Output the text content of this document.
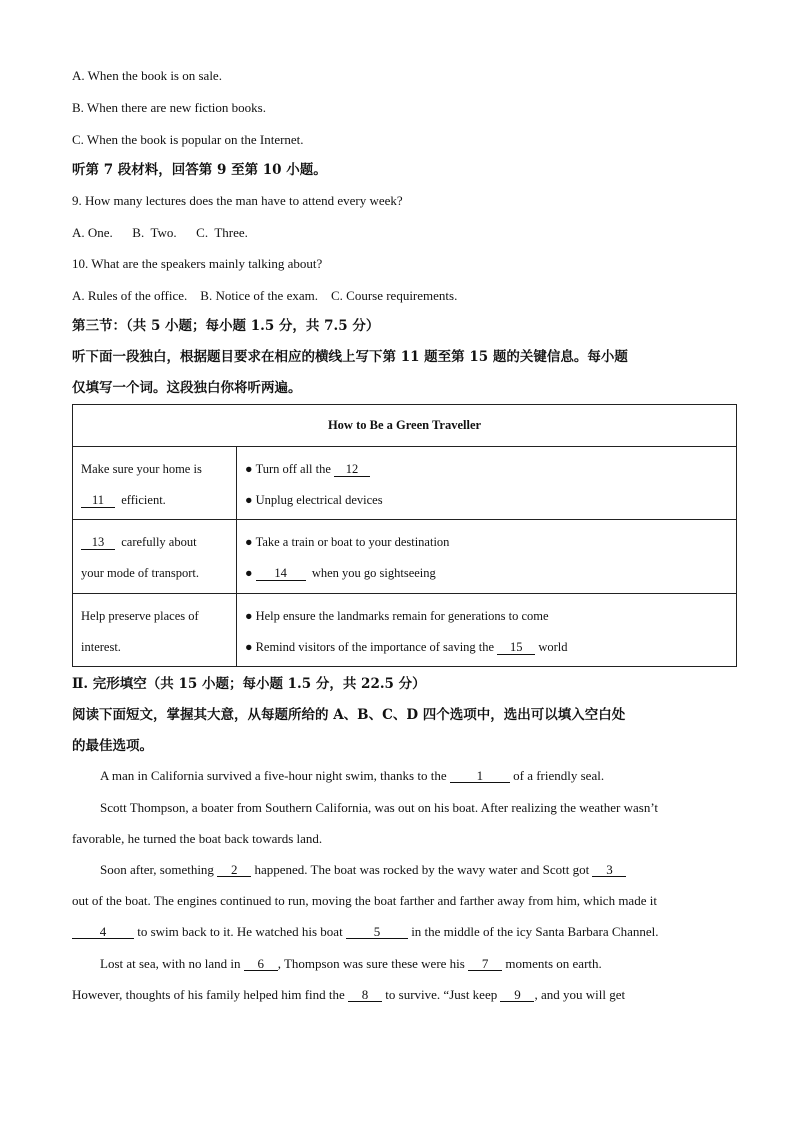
A. When the book is on sale.
B. When there are new fiction books.
C. When the book is popular on the Internet.
听第 7 段材料，回答第 9 至第 10 小题。
9. How many lectures does the man have to attend every week?
A. One.      B.  Two.      C.  Three.
10. What are the speakers mainly talking about?
A. Rules of the office.    B. Notice of the exam.    C. Course requirements.
第三节：（共 5 小题；每小题 1.5 分，共 7.5 分）
听下面一段独白，根据题目要求在相应的横线上写下第 11 题至第 15 题的关键信息。每小题
仅填写一个词。这段独白你将听两遍。
How to Be a Green Traveller	

Make sure your home is
11 efficient.	● Turn off all the 12
● Unplug electrical devices

13 carefully about
your mode of transport.	● Take a train or boat to your destination
● 14 when you go sightseeing

Help preserve places of
interest.	● Help ensure the landmarks remain for generations to come
● Remind visitors of the importance of saving the 15 world
Ⅱ. 完形填空（共 15 小题；每小题 1.5 分，共 22.5 分）
阅读下面短文，掌握其大意，从每题所给的 A、B、C、D 四个选项中，选出可以填入空白处
的最佳选项。
A man in California survived a five-hour night swim, thanks to the 1 of a friendly seal.
Scott Thompson, a boater from Southern California, was out on his boat. After realizing the weather wasn’t
favorable, he turned the boat back towards land.
Soon after, something 2 happened. The boat was rocked by the wavy water and Scott got 3
out of the boat. The engines continued to run, moving the boat farther and farther away from him, which made it
4 to swim back to it. He watched his boat 5 in the middle of the icy Santa Barbara Channel.
Lost at sea, with no land in 6 , Thompson was sure these were his 7 moments on earth.
However, thoughts of his family helped him find the 8 to survive. “Just keep 9 , and you will get
